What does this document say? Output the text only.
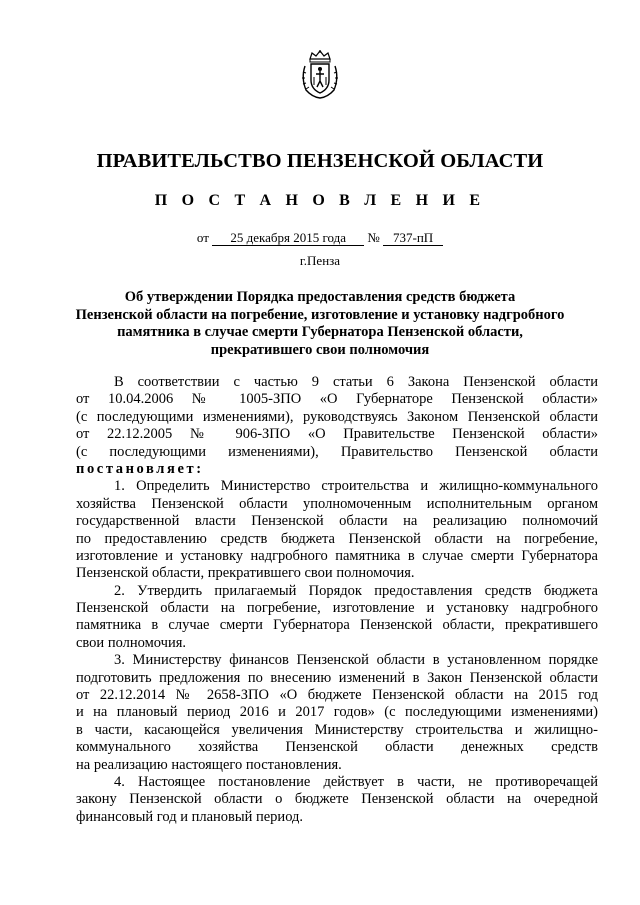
ПРАВИТЕЛЬСТВО ПЕНЗЕНСКОЙ ОБЛАСТИ
П О С Т А Н О В Л Е Н И Е
от 25 декабря 2015 года № 737-пП
г.Пенза
Об утверждении Порядка предоставления средств бюджета
Пензенской области на погребение, изготовление и установку надгробного
памятника в случае смерти Губернатора Пензенской области,
прекратившего свои полномочия
В соответствии с частью 9 статьи 6 Закона Пензенской области
от 10.04.2006 № 1005-ЗПО «О Губернаторе Пензенской области»
(с последующими изменениями), руководствуясь Законом Пензенской области
от 22.12.2005 № 906-ЗПО «О Правительстве Пензенской области»
(с последующими изменениями), Правительство Пензенской области
постановляет:
1. Определить Министерство строительства и жилищно-коммунального
хозяйства Пензенской области уполномоченным исполнительным органом
государственной власти Пензенской области на реализацию полномочий
по предоставлению средств бюджета Пензенской области на погребение,
изготовление и установку надгробного памятника в случае смерти Губернатора
Пензенской области, прекратившего свои полномочия.
2. Утвердить прилагаемый Порядок предоставления средств бюджета
Пензенской области на погребение, изготовление и установку надгробного
памятника в случае смерти Губернатора Пензенской области, прекратившего
свои полномочия.
3. Министерству финансов Пензенской области в установленном порядке
подготовить предложения по внесению изменений в Закон Пензенской области
от 22.12.2014 № 2658-ЗПО «О бюджете Пензенской области на 2015 год
и на плановый период 2016 и 2017 годов» (с последующими изменениями)
в части, касающейся увеличения Министерству строительства и жилищно-
коммунального хозяйства Пензенской области денежных средств
на реализацию настоящего постановления.
4. Настоящее постановление действует в части, не противоречащей
закону Пензенской области о бюджете Пензенской области на очередной
финансовый год и плановый период.
